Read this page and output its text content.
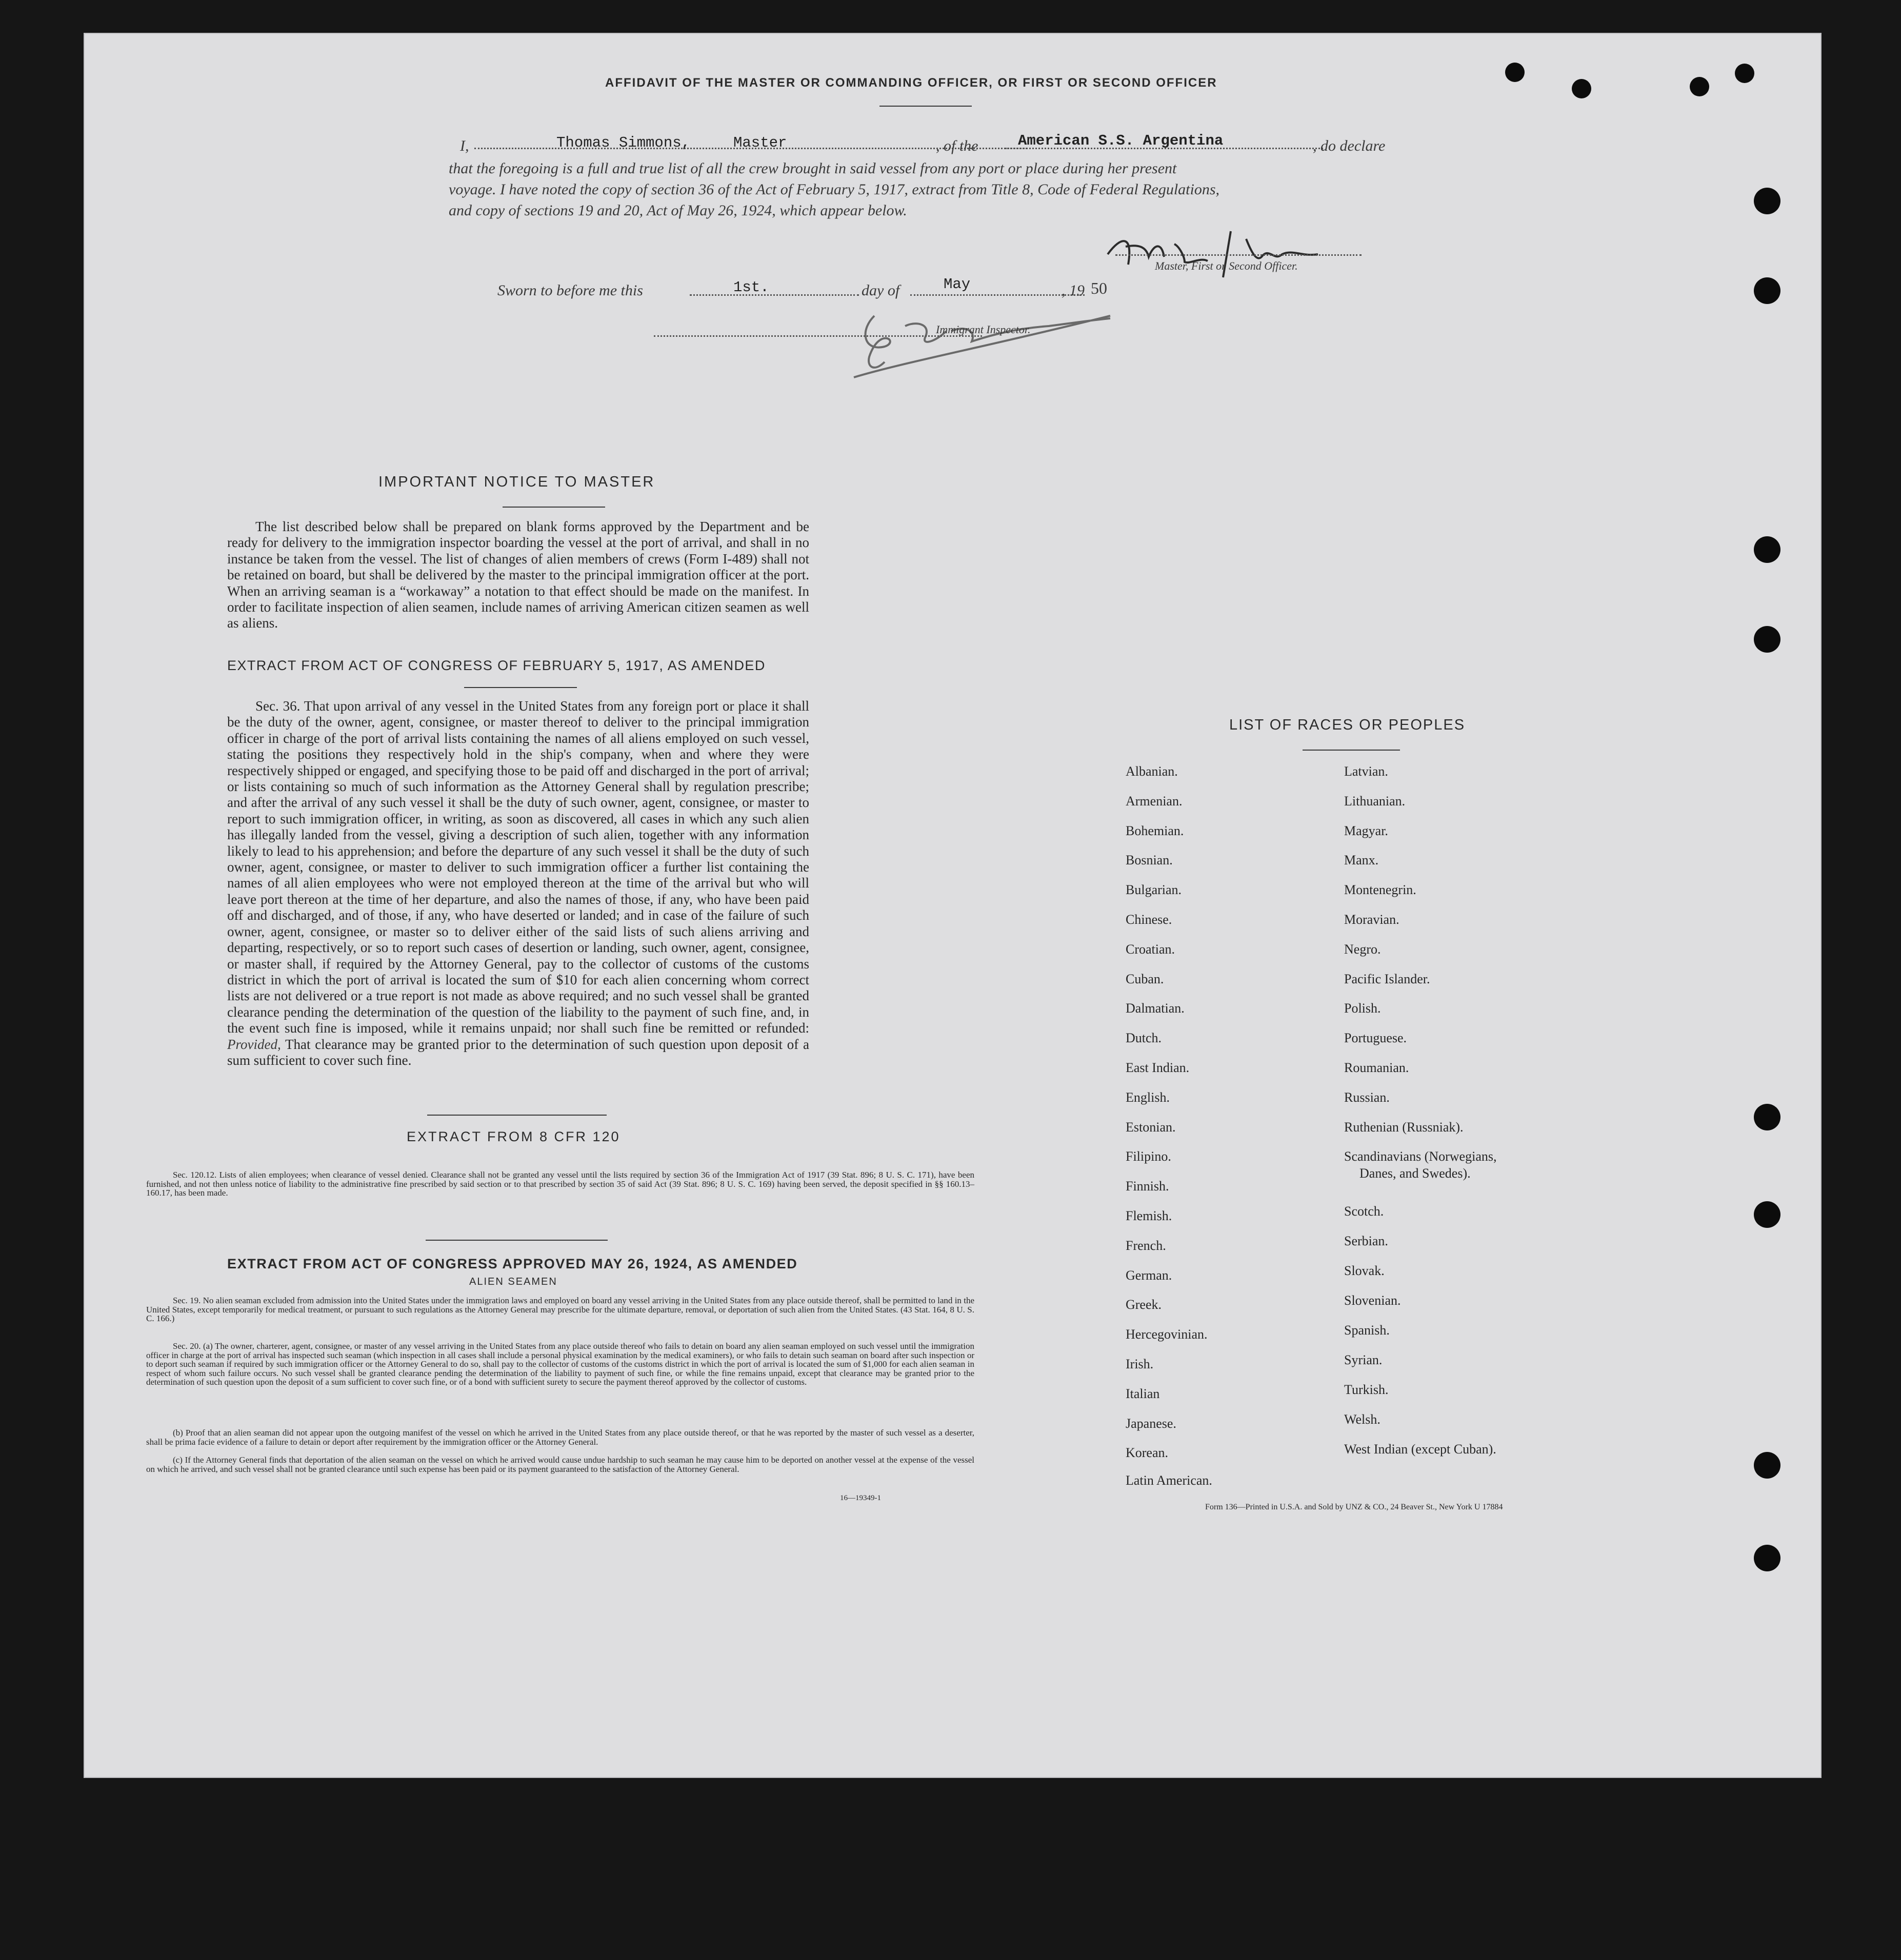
AFFIDAVIT OF THE MASTER OR COMMANDING OFFICER, OR FIRST OR SECOND OFFICER
I,	Thomas Simmons,	Master	, of the	American S.S. Argentina	, do declare
that the foregoing is a full and true list of all the crew brought in said vessel from any port or place during her present
voyage. I have noted the copy of section 36 of the Act of February 5, 1917, extract from Title 8, Code of Federal Regulations,
and copy of sections 19 and 20, Act of May 26, 1924, which appear below.
Master, First or Second Officer.
Sworn to before me this	1st.	day of	May	, 19 50
Immigrant Inspector.
IMPORTANT NOTICE TO MASTER
The list described below shall be prepared on blank forms approved by the Department and be ready for delivery to the immigration inspector boarding the vessel at the port of arrival, and shall in no instance be taken from the vessel. The list of changes of alien members of crews (Form I-489) shall not be retained on board, but shall be delivered by the master to the principal immigration officer at the port. When an arriving seaman is a “workaway” a notation to that effect should be made on the manifest. In order to facilitate inspection of alien seamen, include names of arriving American citizen seamen as well as aliens.
EXTRACT FROM ACT OF CONGRESS OF FEBRUARY 5, 1917, AS AMENDED
Sec. 36. That upon arrival of any vessel in the United States from any foreign port or place it shall be the duty of the owner, agent, consignee, or master thereof to deliver to the principal immigration officer in charge of the port of arrival lists containing the names of all aliens employed on such vessel, stating the positions they respectively hold in the ship's company, when and where they were respectively shipped or engaged, and specifying those to be paid off and discharged in the port of arrival; or lists containing so much of such information as the Attorney General shall by regulation prescribe; and after the arrival of any such vessel it shall be the duty of such owner, agent, consignee, or master to report to such immigration officer, in writing, as soon as discovered, all cases in which any such alien has illegally landed from the vessel, giving a description of such alien, together with any information likely to lead to his apprehension; and before the departure of any such vessel it shall be the duty of such owner, agent, consignee, or master to deliver to such immigration officer a further list containing the names of all alien employees who were not employed thereon at the time of the arrival but who will leave port thereon at the time of her departure, and also the names of those, if any, who have been paid off and discharged, and of those, if any, who have deserted or landed; and in case of the failure of such owner, agent, consignee, or master so to deliver either of the said lists of such aliens arriving and departing, respectively, or so to report such cases of desertion or landing, such owner, agent, consignee, or master shall, if required by the Attorney General, pay to the collector of customs of the customs district in which the port of arrival is located the sum of $10 for each alien concerning whom correct lists are not delivered or a true report is not made as above required; and no such vessel shall be granted clearance pending the determination of the question of the liability to the payment of such fine, and, in the event such fine is imposed, while it remains unpaid; nor shall such fine be remitted or refunded: Provided, That clearance may be granted prior to the determination of such question upon deposit of a sum sufficient to cover such fine.
EXTRACT FROM 8 CFR 120
Sec. 120.12. Lists of alien employees; when clearance of vessel denied. Clearance shall not be granted any vessel until the lists required by section 36 of the Immigration Act of 1917 (39 Stat. 896; 8 U. S. C. 171), have been furnished, and not then unless notice of liability to the administrative fine prescribed by said section or to that prescribed by section 35 of said Act (39 Stat. 896; 8 U. S. C. 169) having been served, the deposit specified in §§ 160.13–160.17, has been made.
EXTRACT FROM ACT OF CONGRESS APPROVED MAY 26, 1924, AS AMENDED
ALIEN SEAMEN
Sec. 19. No alien seaman excluded from admission into the United States under the immigration laws and employed on board any vessel arriving in the United States from any place outside thereof, shall be permitted to land in the United States, except temporarily for medical treatment, or pursuant to such regulations as the Attorney General may prescribe for the ultimate departure, removal, or deportation of such alien from the United States. (43 Stat. 164, 8 U. S. C. 166.)
Sec. 20. (a) The owner, charterer, agent, consignee, or master of any vessel arriving in the United States from any place outside thereof who fails to detain on board any alien seaman employed on such vessel until the immigration officer in charge at the port of arrival has inspected such seaman (which inspection in all cases shall include a personal physical examination by the medical examiners), or who fails to detain such seaman on board after such inspection or to deport such seaman if required by such immigration officer or the Attorney General to do so, shall pay to the collector of customs of the customs district in which the port of arrival is located the sum of $1,000 for each alien seaman in respect of whom such failure occurs. No such vessel shall be granted clearance pending the determination of the liability to payment of such fine, or while the fine remains unpaid, except that clearance may be granted prior to the determination of such question upon the deposit of a sum sufficient to cover such fine, or of a bond with sufficient surety to secure the payment thereof approved by the collector of customs.
(b) Proof that an alien seaman did not appear upon the outgoing manifest of the vessel on which he arrived in the United States from any place outside thereof, or that he was reported by the master of such vessel as a deserter, shall be prima facie evidence of a failure to detain or deport after requirement by the immigration officer or the Attorney General.
(c) If the Attorney General finds that deportation of the alien seaman on the vessel on which he arrived would cause undue hardship to such seaman he may cause him to be deported on another vessel at the expense of the vessel on which he arrived, and such vessel shall not be granted clearance until such expense has been paid or its payment guaranteed to the satisfaction of the Attorney General.
16—19349-1
LIST OF RACES OR PEOPLES
Albanian.
Armenian.
Bohemian.
Bosnian.
Bulgarian.
Chinese.
Croatian.
Cuban.
Dalmatian.
Dutch.
East Indian.
English.
Estonian.
Filipino.
Finnish.
Flemish.
French.
German.
Greek.
Hercegovinian.
Irish.
Italian
Japanese.
Korean.
Latin American.
Latvian.
Lithuanian.
Magyar.
Manx.
Montenegrin.
Moravian.
Negro.
Pacific Islander.
Polish.
Portuguese.
Roumanian.
Russian.
Ruthenian (Russniak).
Scandinavians (Norwegians,
Danes, and Swedes).
Scotch.
Serbian.
Slovak.
Slovenian.
Spanish.
Syrian.
Turkish.
Welsh.
West Indian (except Cuban).
Form 136—Printed in U.S.A. and Sold by UNZ & CO., 24 Beaver St., New York U 17884
